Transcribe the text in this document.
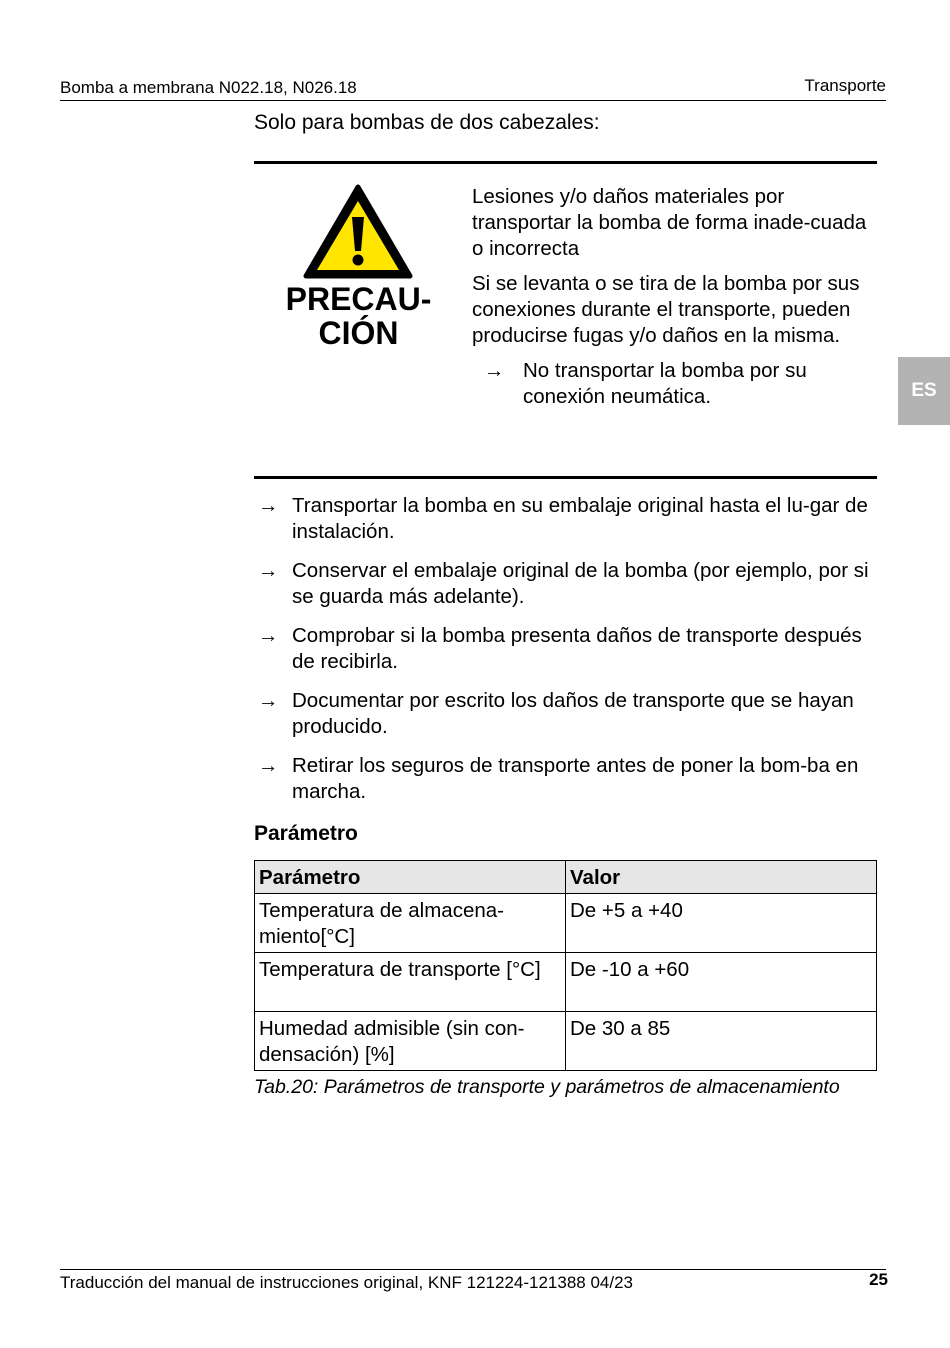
Bomba a membrana N022.18, N026.18	Transporte
Solo para bombas de dos cabezales:
PRECAU-
CIÓN

Lesiones y/o daños materiales por transportar la bomba de forma inade-cuada o incorrecta

Si se levanta o se tira de la bomba por sus conexiones durante el transporte, pueden producirse fugas y/o daños en la misma.

→ No transportar la bomba por su conexión neumática.
→ Transportar la bomba en su embalaje original hasta el lu-gar de instalación.
→ Conservar el embalaje original de la bomba (por ejemplo, por si se guarda más adelante).
→ Comprobar si la bomba presenta daños de transporte después de recibirla.
→ Documentar por escrito los daños de transporte que se hayan producido.
→ Retirar los seguros de transporte antes de poner la bom-ba en marcha.
Parámetro
Parámetro	Valor
Temperatura de almacena-miento[°C]	De +5 a +40
Temperatura de transporte [°C]	De -10 a +60
Humedad admisible (sin con-densación) [%]	De 30 a 85
Tab.20: Parámetros de transporte y parámetros de almacenamiento
ES
Traducción del manual de instrucciones original, KNF 121224-121388 04/23	25
